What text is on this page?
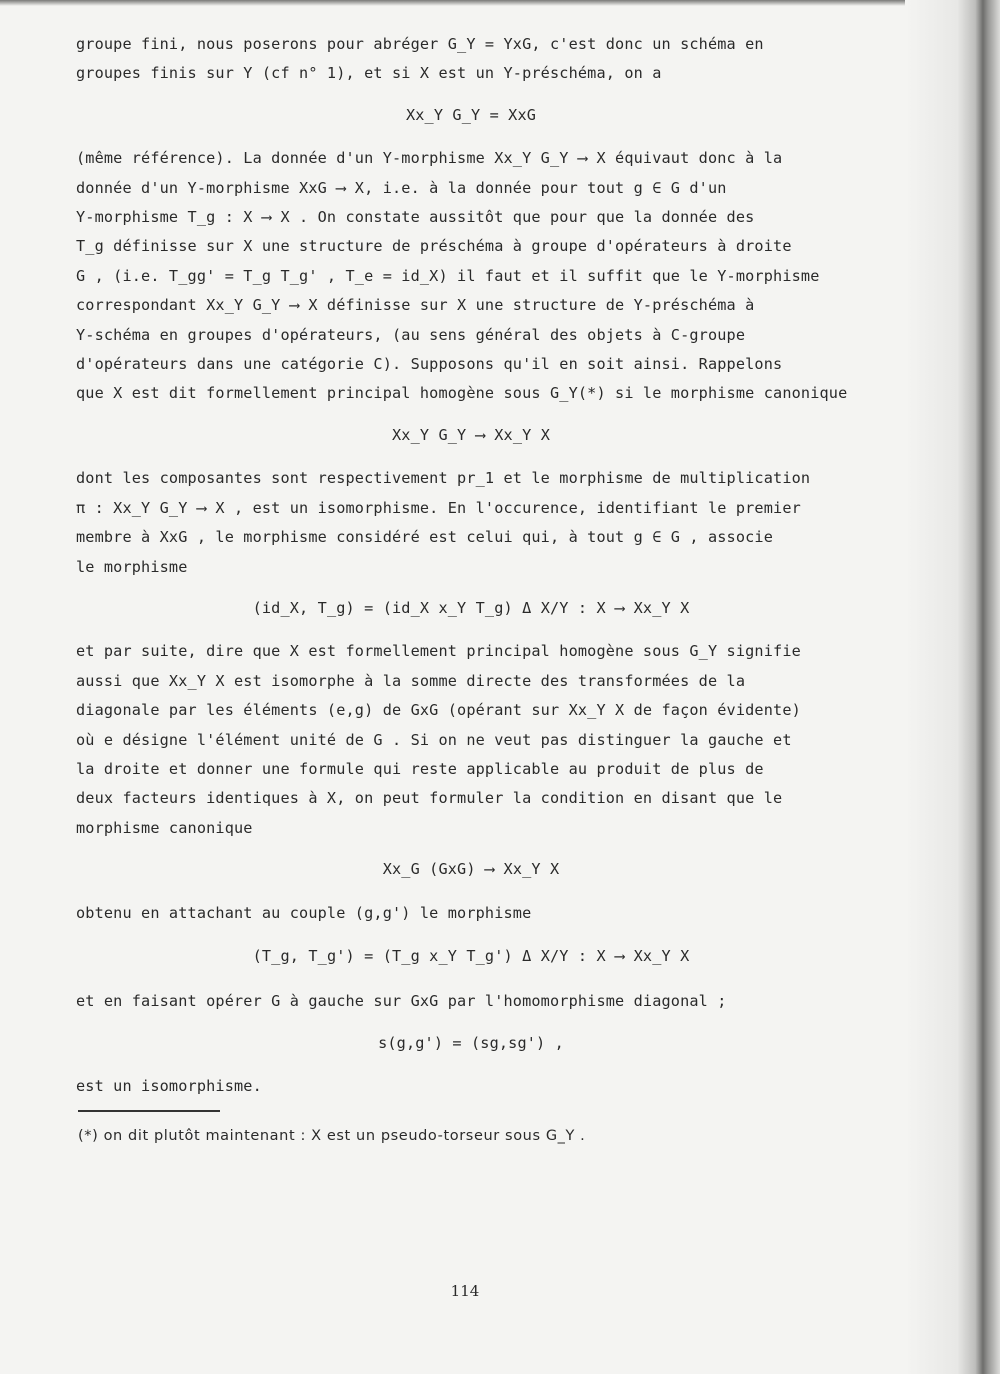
groupe fini, nous poserons pour abréger G_Y = YxG, c'est donc un schéma en
groupes finis sur Y (cf n° 1), et si X est un Y-préschéma, on a
Xx_Y G_Y = XxG
(même référence). La donnée d'un Y-morphisme Xx_Y G_Y ⟶ X équivaut donc à la
donnée d'un Y-morphisme XxG ⟶ X, i.e. à la donnée pour tout g ∈ G d'un
Y-morphisme T_g : X ⟶ X . On constate aussitôt que pour que la donnée des
T_g définisse sur X une structure de préschéma à groupe d'opérateurs à droite
G , (i.e. T_gg' = T_g T_g' , T_e = id_X) il faut et il suffit que le Y-morphisme
correspondant Xx_Y G_Y ⟶ X définisse sur X une structure de Y-préschéma à
Y-schéma en groupes d'opérateurs, (au sens général des objets à C-groupe
d'opérateurs dans une catégorie C). Supposons qu'il en soit ainsi. Rappelons
que X est dit formellement principal homogène sous G_Y(*) si le morphisme canonique
Xx_Y G_Y ⟶ Xx_Y X
dont les composantes sont respectivement pr_1 et le morphisme de multiplication
π : Xx_Y G_Y ⟶ X , est un isomorphisme. En l'occurence, identifiant le premier
membre à XxG , le morphisme considéré est celui qui, à tout g ∈ G , associe
le morphisme
(id_X, T_g) = (id_X x_Y T_g) Δ X/Y : X ⟶ Xx_Y X
et par suite, dire que X est formellement principal homogène sous G_Y signifie
aussi que Xx_Y X est isomorphe à la somme directe des transformées de la
diagonale par les éléments (e,g) de GxG (opérant sur Xx_Y X de façon évidente)
où e désigne l'élément unité de G . Si on ne veut pas distinguer la gauche et
la droite et donner une formule qui reste applicable au produit de plus de
deux facteurs identiques à X, on peut formuler la condition en disant que le
morphisme canonique
Xx_G (GxG) ⟶ Xx_Y X
obtenu en attachant au couple (g,g') le morphisme
(T_g, T_g') = (T_g x_Y T_g') Δ X/Y : X ⟶ Xx_Y X
et en faisant opérer G à gauche sur GxG par l'homomorphisme diagonal ;
s(g,g') = (sg,sg') ,
est un isomorphisme.
(*) on dit plutôt maintenant : X est un pseudo-torseur sous G_Y .
114
